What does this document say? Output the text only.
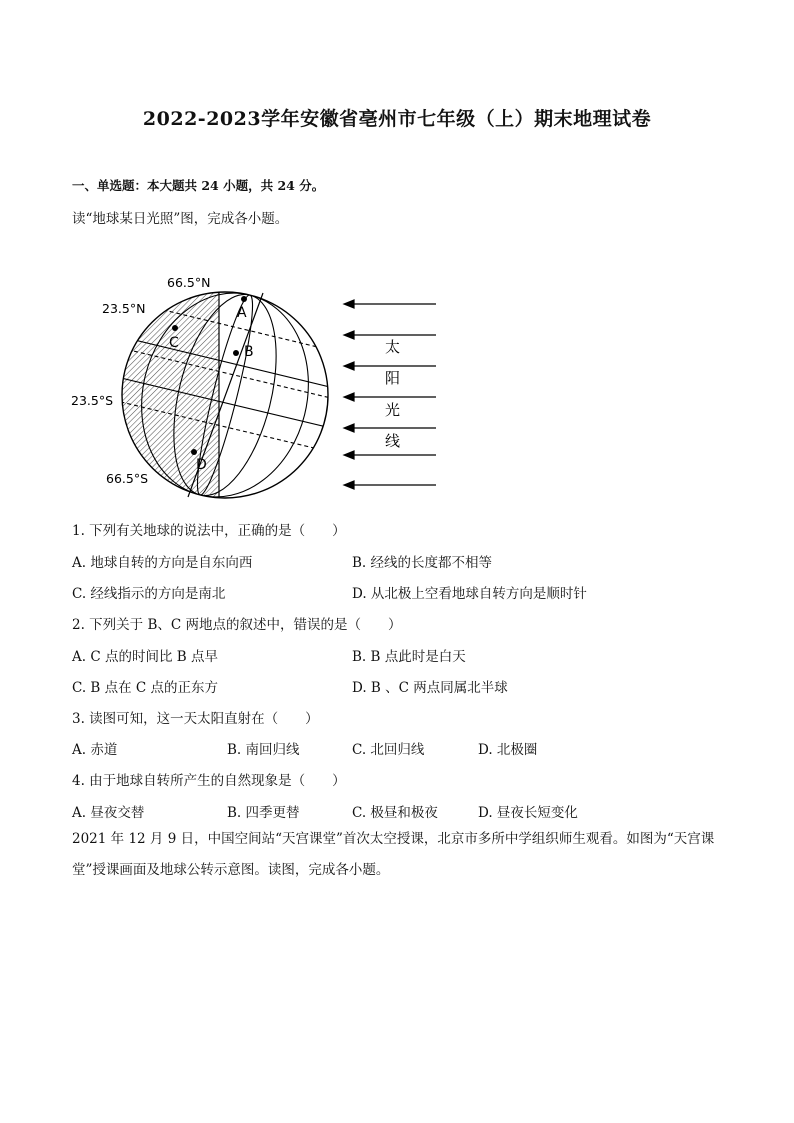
2022-2023学年安徽省亳州市七年级（上）期末地理试卷
一、单选题：本大题共 24 小题，共 24 分。
读“地球某日光照”图，完成各小题。
A
B
C
D
66.5°N
23.5°N
23.5°S
66.5°S
太
阳
光
线
1. 下列有关地球的说法中，正确的是（　　）
A. 地球自转的方向是自东向西	B. 经线的长度都不相等
C. 经线指示的方向是南北	D. 从北极上空看地球自转方向是顺时针
2. 下列关于 B、C 两地点的叙述中，错误的是（　　）
A. C 点的时间比 B 点早	B. B 点此时是白天
C. B 点在 C 点的正东方	D. B 、C 两点同属北半球
3. 读图可知，这一天太阳直射在（　　）
A. 赤道	B. 南回归线	C. 北回归线	D. 北极圈
4. 由于地球自转所产生的自然现象是（　　）
A. 昼夜交替	B. 四季更替	C. 极昼和极夜	D. 昼夜长短变化
2021 年 12 月 9 日，中国空间站“天宫课堂”首次太空授课，北京市多所中学组织师生观看。如图为“天宫课堂”授课画面及地球公转示意图。读图，完成各小题。
